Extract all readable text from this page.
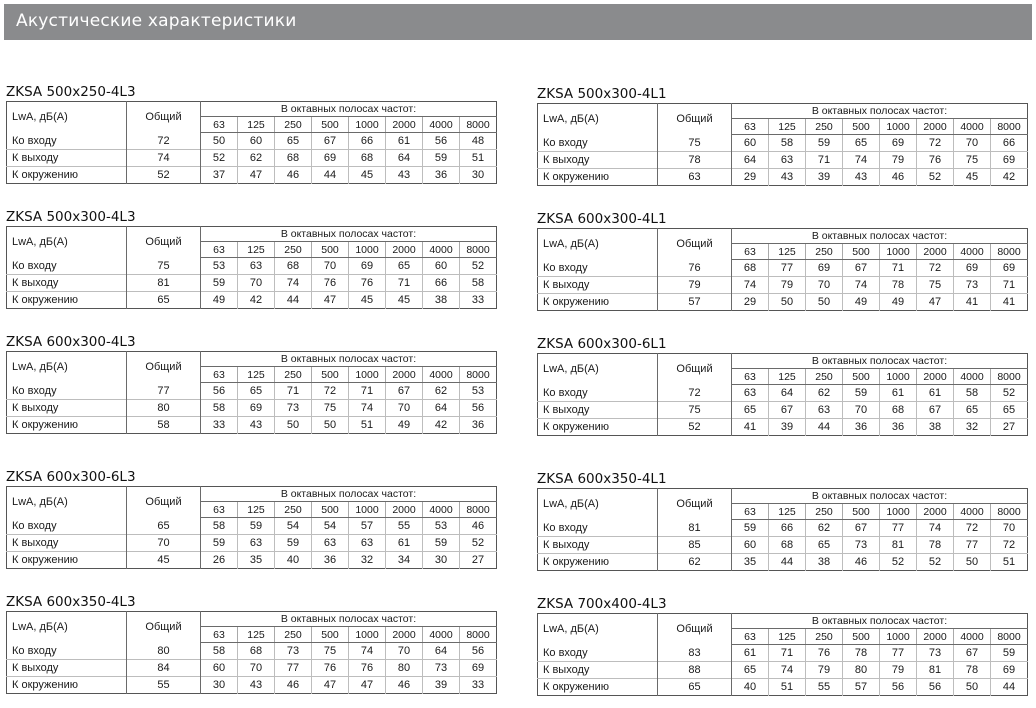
Акустические характеристики
ZKSA 500х250-4L3
LwA, дБ(А)	Общий	В октавных полосах частот:							
		63	125	250	500	1000	2000	4000	8000
Ко входу	72	50	60	65	67	66	61	56	48
К выходу	74	52	62	68	69	68	64	59	51
К окружению	52	37	47	46	44	45	43	36	30
ZKSA 500х300-4L1
LwA, дБ(А)	Общий	В октавных полосах частот:							
		63	125	250	500	1000	2000	4000	8000
Ко входу	75	60	58	59	65	69	72	70	66
К выходу	78	64	63	71	74	79	76	75	69
К окружению	63	29	43	39	43	46	52	45	42
ZKSA 500х300-4L3
LwA, дБ(А)	Общий	В октавных полосах частот:							
		63	125	250	500	1000	2000	4000	8000
Ко входу	75	53	63	68	70	69	65	60	52
К выходу	81	59	70	74	76	76	71	66	58
К окружению	65	49	42	44	47	45	45	38	33
ZKSA 600х300-4L1
LwA, дБ(А)	Общий	В октавных полосах частот:							
		63	125	250	500	1000	2000	4000	8000
Ко входу	76	68	77	69	67	71	72	69	69
К выходу	79	74	79	70	74	78	75	73	71
К окружению	57	29	50	50	49	49	47	41	41
ZKSA 600х300-4L3
LwA, дБ(А)	Общий	В октавных полосах частот:							
		63	125	250	500	1000	2000	4000	8000
Ко входу	77	56	65	71	72	71	67	62	53
К выходу	80	58	69	73	75	74	70	64	56
К окружению	58	33	43	50	50	51	49	42	36
ZKSA 600х300-6L1
LwA, дБ(А)	Общий	В октавных полосах частот:							
		63	125	250	500	1000	2000	4000	8000
Ко входу	72	63	64	62	59	61	61	58	52
К выходу	75	65	67	63	70	68	67	65	65
К окружению	52	41	39	44	36	36	38	32	27
ZKSA 600х300-6L3
LwA, дБ(А)	Общий	В октавных полосах частот:							
		63	125	250	500	1000	2000	4000	8000
Ко входу	65	58	59	54	54	57	55	53	46
К выходу	70	59	63	59	63	63	61	59	52
К окружению	45	26	35	40	36	32	34	30	27
ZKSA 600х350-4L1
LwA, дБ(А)	Общий	В октавных полосах частот:							
		63	125	250	500	1000	2000	4000	8000
Ко входу	81	59	66	62	67	77	74	72	70
К выходу	85	60	68	65	73	81	78	77	72
К окружению	62	35	44	38	46	52	52	50	51
ZKSA 600х350-4L3
LwA, дБ(А)	Общий	В октавных полосах частот:							
		63	125	250	500	1000	2000	4000	8000
Ко входу	80	58	68	73	75	74	70	64	56
К выходу	84	60	70	77	76	76	80	73	69
К окружению	55	30	43	46	47	47	46	39	33
ZKSA 700х400-4L3
LwA, дБ(А)	Общий	В октавных полосах частот:							
		63	125	250	500	1000	2000	4000	8000
Ко входу	83	61	71	76	78	77	73	67	59
К выходу	88	65	74	79	80	79	81	78	69
К окружению	65	40	51	55	57	56	56	50	44
